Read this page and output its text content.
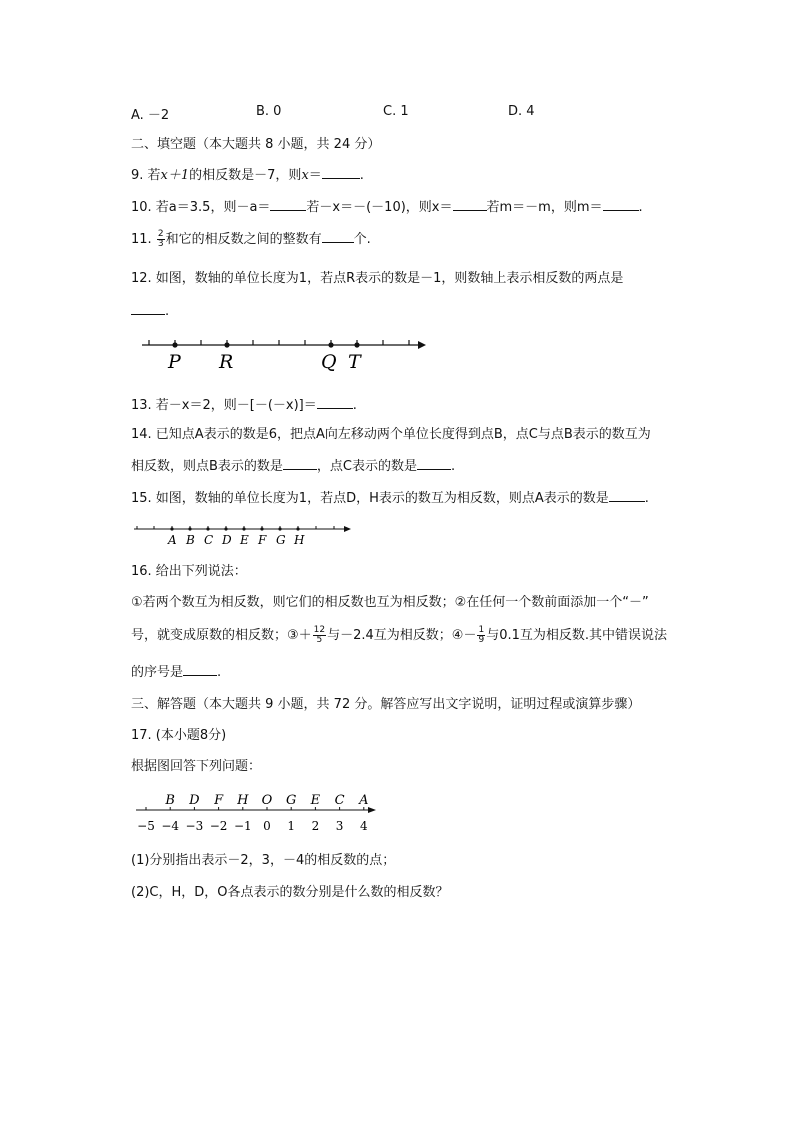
A. －2	B. 0	C. 1	D. 4
二、填空题（本大题共 8 小题，共 24 分）
9. 若x＋1的相反数是－7，则x＝	.
10. 若a＝3.5，则－a＝	若－x＝－(－10)，则x＝	若m＝－m，则m＝	.
11. $\frac{2}{3}$ 和它的相反数之间的整数有 个.
12. 如图，数轴的单位长度为1，若点R表示的数是－1，则数轴上表示相反数的两点是
.
P R	Q T
13. 若－x＝2，则－[－(－x)]＝	.
14. 已知点A表示的数是6，把点A向左移动两个单位长度得到点B，点C与点B表示的数互为
相反数，则点B表示的数是	，点C表示的数是	.
15. 如图，数轴的单位长度为1，若点D，H表示的数互为相反数，则点A表示的数是	.
A B C D E F G H
16. 给出下列说法：
①若两个数互为相反数，则它们的相反数也互为相反数；②在任何一个数前面添加一个“－”
号，就变成原数的相反数；③＋ $\frac{12}{5}$ 与－2.4互为相反数；④－ $\frac{1}{9}$ 与0.1互为相反数.其中错误说法
的序号是	.
三、解答题（本大题共 9 小题，共 72 分。解答应写出文字说明，证明过程或演算步骤）
17. (本小题8分)
根据图回答下列问题：
B D F H O G E C A
−5 −4 −3 −2 −1 0 1 2 3 4
(1)分别指出表示－2，3，－4的相反数的点；
(2)C，H，D，O各点表示的数分别是什么数的相反数？
